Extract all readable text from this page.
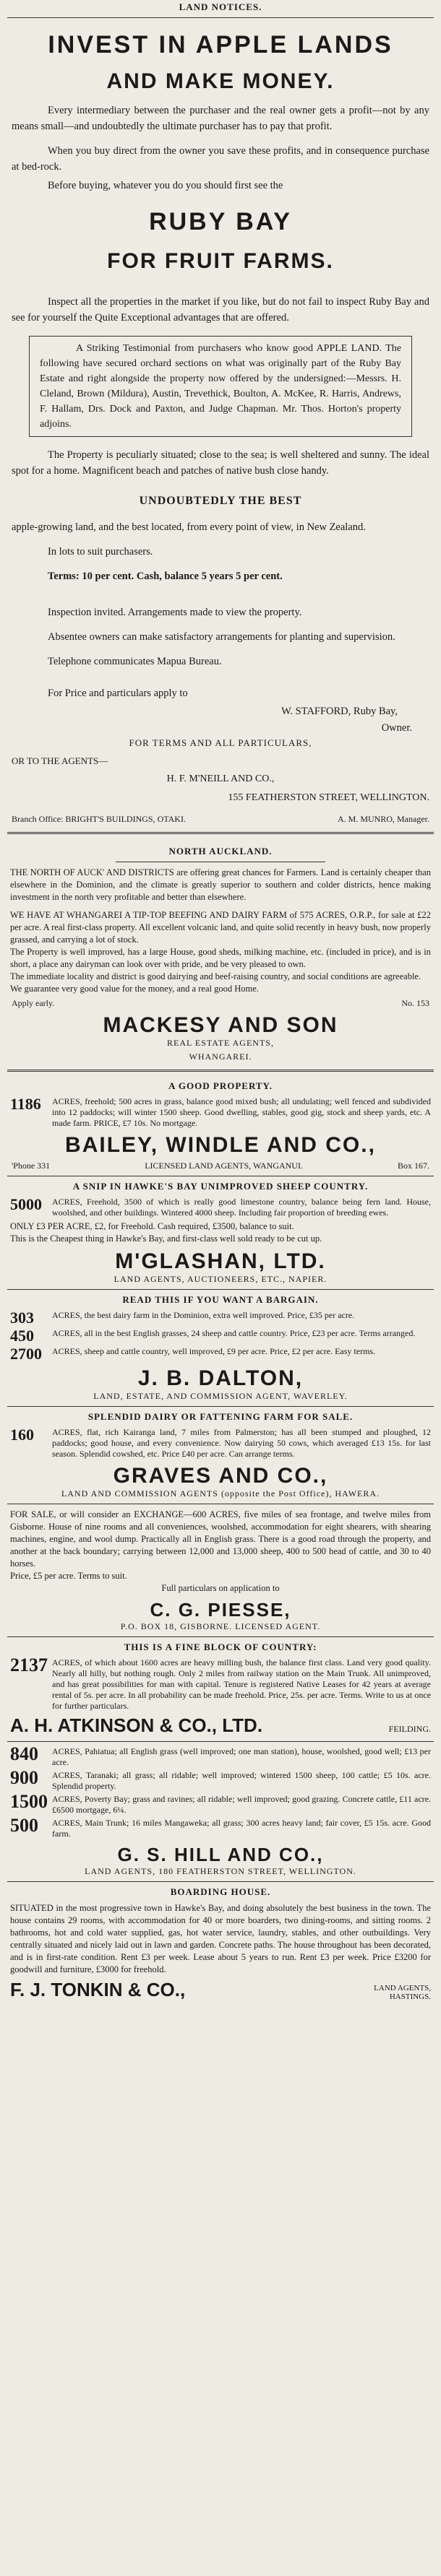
LAND NOTICES.
INVEST IN APPLE LANDS
AND MAKE MONEY.

Every intermediary between the purchaser and the real owner gets a profit—not by any means small—and undoubtedly the ultimate purchaser has to pay that profit.

When you buy direct from the owner you save these profits, and in consequence purchase at bed-rock.

Before buying, whatever you do you should first see the

RUBY BAY
FOR FRUIT FARMS.

Inspect all the properties in the market if you like, but do not fail to inspect Ruby Bay and see for yourself the Quite Exceptional advantages that are offered.

A Striking Testimonial from purchasers who know good APPLE LAND. The following have secured orchard sections on what was originally part of the Ruby Bay Estate and right alongside the property now offered by the undersigned:—Messrs. H. Cleland, Brown (Mildura), Austin, Trevethick, Boulton, A. McKee, R. Harris, Andrews, F. Hallam, Drs. Dock and Paxton, and Judge Chapman. Mr. Thos. Horton's property adjoins.

The Property is peculiarly situated; close to the sea; is well sheltered and sunny. The ideal spot for a home. Magnificent beach and patches of native bush close handy.

UNDOUBTEDLY THE BEST

apple-growing land, and the best located, from every point of view, in New Zealand.

In lots to suit purchasers.

Terms: 10 per cent. Cash, balance 5 years 5 per cent.

Inspection invited. Arrangements made to view the property.

Absentee owners can make satisfactory arrangements for planting and supervision.

Telephone communicates Mapua Bureau.

For Price and particulars apply to

W. STAFFORD, Ruby Bay,
Owner.
FOR TERMS AND ALL PARTICULARS,

OR TO THE AGENTS—

H. F. M'NEILL AND CO.,
155 FEATHERSTON STREET, WELLINGTON.
Branch Office: BRIGHT'S BUILDINGS, OTAKI.	A. M. MUNRO, Manager.
NORTH AUCKLAND.

THE NORTH OF AUCK' AND DISTRICTS are offering great chances for Farmers. Land is certainly cheaper than elsewhere in the Dominion, and the climate is greatly superior to southern and colder districts, hence making investment in the north very profitable and better than elsewhere.

WE HAVE AT WHANGAREI A TIP-TOP BEEFING AND DAIRY FARM of 575 ACRES, O.R.P., for sale at £22 per acre. A real first-class property. All excellent volcanic land, and quite solid recently in heavy bush, now properly grassed, and carrying a lot of stock.

The Property is well improved, has a large House, good sheds, milking machine, etc. (included in price), and is in short, a place any dairyman can look over with pride, and be very pleased to own.

The immediate locality and district is good dairying and beef-raising country, and social conditions are agreeable.

We guarantee very good value for the money, and a real good Home.

Apply early.	No. 153
MACKESY AND SON
REAL ESTATE AGENTS,
WHANGAREI.
A GOOD PROPERTY.
1186	ACRES, freehold; 500 acres in grass, balance good mixed bush; all undulating; well fenced and subdivided into 12 paddocks; will winter 1500 sheep. Good dwelling, stables, good gig, stock and sheep yards, etc. A made farm. PRICE, £7 10s. No mortgage.
BAILEY, WINDLE AND CO.,
'Phone 331	LICENSED LAND AGENTS, WANGANUI.	Box 167.
A SNIP IN HAWKE'S BAY UNIMPROVED SHEEP COUNTRY.
5000	ACRES, Freehold, 3500 of which is really good limestone country, balance being fern land. House, woolshed, and other buildings. Wintered 4000 sheep. Including fair proportion of breeding ewes.

ONLY £3 PER ACRE, £2, for Freehold. Cash required, £3500, balance to suit.

This is the Cheapest thing in Hawke's Bay, and first-class well sold ready to be cut up.

M'GLASHAN, LTD.
LAND AGENTS, AUCTIONEERS, ETC., NAPIER.
READ THIS IF YOU WANT A BARGAIN.
303	ACRES, the best dairy farm in the Dominion, extra well improved. Price, £35 per acre.
450	ACRES, all in the best English grasses, 24 sheep and cattle country. Price, £23 per acre. Terms arranged.
2700	ACRES, sheep and cattle country, well improved, £9 per acre. Price, £2 per acre. Easy terms.
J. B. DALTON,
LAND, ESTATE, AND COMMISSION AGENT, WAVERLEY.
SPLENDID DAIRY OR FATTENING FARM FOR SALE.
160	ACRES, flat, rich Kairanga land, 7 miles from Palmerston; has all been stumped and ploughed, 12 paddocks; good house, and every convenience. Now dairying 50 cows, which averaged £13 15s. for last season. Splendid cowshed, etc. Price £40 per acre. Can arrange terms.
GRAVES AND CO.,
LAND AND COMMISSION AGENTS (opposite the Post Office), HAWERA.

FOR SALE, or will consider an EXCHANGE—600 ACRES, five miles of sea frontage, and twelve miles from Gisborne. House of nine rooms and all conveniences, woolshed, accommodation for eight shearers, with shearing machines, engine, and wool dump. Practically all in English grass. There is a good road through the property, and another at the back boundary; carrying between 12,000 and 13,000 sheep, 400 to 500 head of cattle, and 30 to 40 horses.

Price, £5 per acre. Terms to suit.

Full particulars on application to

C. G. PIESSE,
P.O. BOX 18, GISBORNE. LICENSED AGENT.
THIS IS A FINE BLOCK OF COUNTRY:
2137 ACRES, of which about 1600 acres are heavy milling bush, the balance first class. Land very good quality. Nearly all hilly, but nothing rough. Only 2 miles from railway station on the Main Trunk. All unimproved, and has great possibilities for man with capital. Tenure is registered Native Leases for 42 years at average rental of 5s. per acre. In all probability can be made freehold. Price, 25s. per acre. Terms. Write to us at once for further particulars.
A. H. ATKINSON & CO., LTD.	FEILDING.
840	ACRES, Pahiatua; all English grass (well improved; one man station), house, woolshed, good well; £13 per acre.
900	ACRES, Taranaki; all grass; all ridable; well improved; wintered 1500 sheep, 100 cattle; £5 10s. acre. Splendid property.
1500 ACRES, Poverty Bay; grass and ravines; all ridable; well improved; good grazing. Concrete cattle, £11 acre. £6500 mortgage, 6¼.
500	ACRES, Main Trunk; 16 miles Mangaweka; all grass; 300 acres heavy land; fair cover, £5 15s. acre. Good farm.
G. S. HILL AND CO.,
LAND AGENTS, 180 FEATHERSTON STREET, WELLINGTON.
BOARDING HOUSE.

SITUATED in the most progressive town in Hawke's Bay, and doing absolutely the best business in the town. The house contains 29 rooms, with accommodation for 40 or more boarders, two dining-rooms, and sitting rooms. 2 bathrooms, hot and cold water supplied, gas, hot water service, laundry, stables, and other outbuildings. Very centrally situated and nicely laid out in lawn and garden. Concrete paths. The house throughout has been decorated, and is in first-rate condition. Rent £3 per week. Lease about 5 years to run. Rent £3 per week. Price £3200 for goodwill and furniture, £3000 for freehold.

F. J. TONKIN & CO.,	LAND AGENTS,
HASTINGS.
